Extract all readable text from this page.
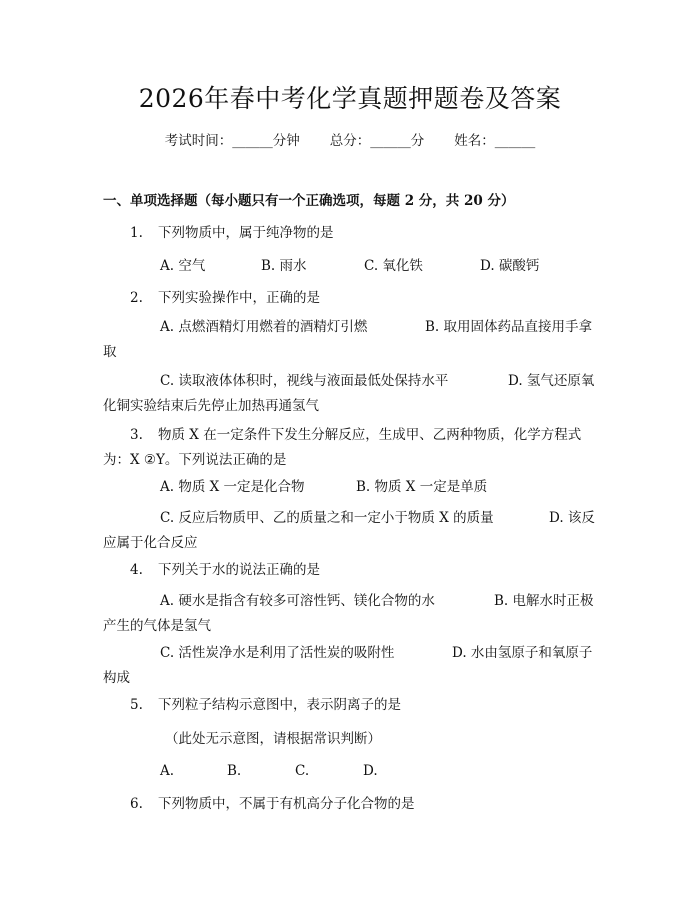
2026年春中考化学真题押题卷及答案
考试时间：______分钟 总分：______分 姓名：______
一、单项选择题（每小题只有一个正确选项，每题 2 分，共 20 分）
1. 下列物质中，属于纯净物的是
A. 空气	B. 雨水	C. 氧化铁	D. 碳酸钙
2. 下列实验操作中，正确的是
A. 点燃酒精灯用燃着的酒精灯引燃	B. 取用固体药品直接用手拿
取
C. 读取液体体积时，视线与液面最低处保持水平	D. 氢气还原氧
化铜实验结束后先停止加热再通氢气
3. 物质 X 在一定条件下发生分解反应，生成甲、乙两种物质，化学方程式
为：X ②Y。下列说法正确的是
A. 物质 X 一定是化合物	B. 物质 X 一定是单质
C. 反应后物质甲、乙的质量之和一定小于物质 X 的质量	D. 该反
应属于化合反应
4. 下列关于水的说法正确的是
A. 硬水是指含有较多可溶性钙、镁化合物的水	B. 电解水时正极
产生的气体是氢气
C. 活性炭净水是利用了活性炭的吸附性	D. 水由氢原子和氧原子
构成
5. 下列粒子结构示意图中，表示阴离子的是
（此处无示意图，请根据常识判断）
A.	B.	C.	D.
6. 下列物质中，不属于有机高分子化合物的是
